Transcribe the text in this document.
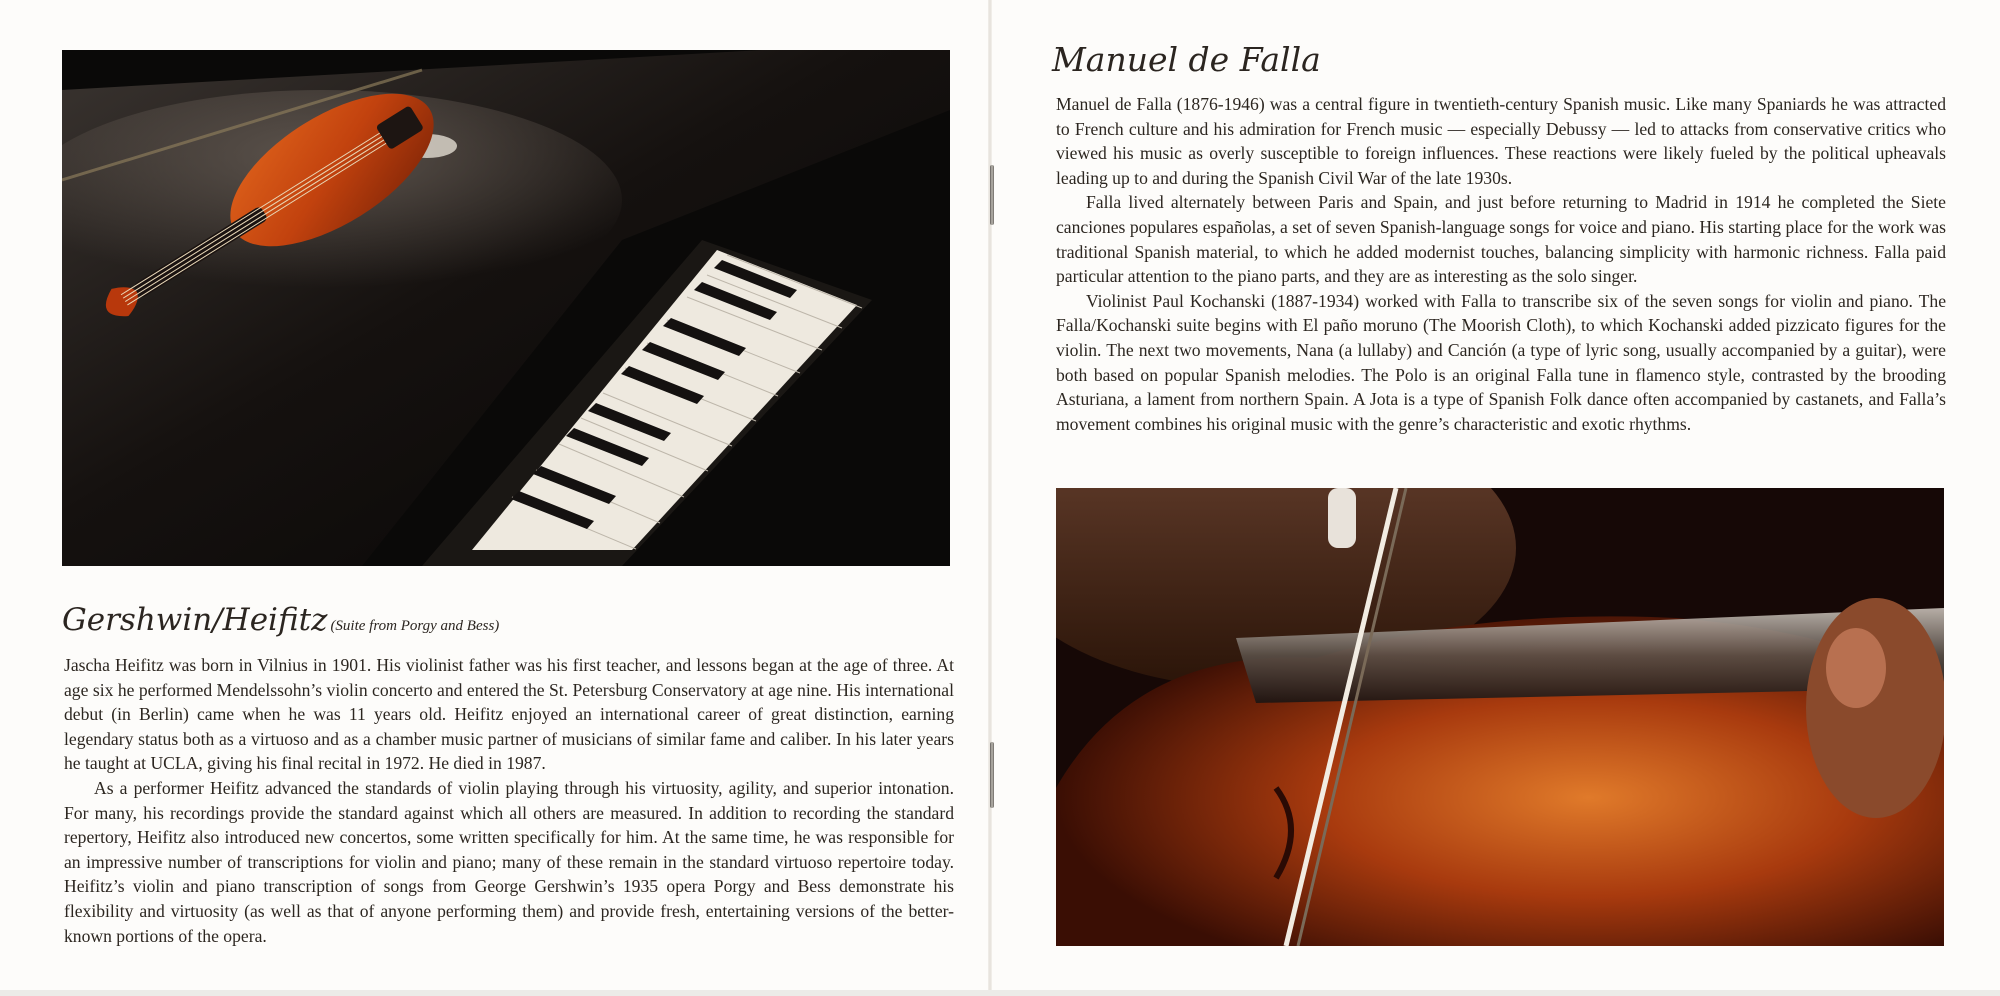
Manuel de Falla

Manuel de Falla (1876-1946) was a central figure in twentieth-century Spanish music. Like many Spaniards he was attracted to French culture and his admiration for French music — especially Debussy — led to attacks from conservative critics who viewed his music as overly susceptible to foreign influences. These reactions were likely fueled by the political upheavals leading up to and during the Spanish Civil War of the late 1930s.

Falla lived alternately between Paris and Spain, and just before returning to Madrid in 1914 he completed the Siete canciones populares españolas, a set of seven Spanish-language songs for voice and piano. His starting place for the work was traditional Spanish material, to which he added modernist touches, balancing simplicity with harmonic richness. Falla paid particular attention to the piano parts, and they are as interesting as the solo singer.

Violinist Paul Kochanski (1887-1934) worked with Falla to transcribe six of the seven songs for violin and piano. The Falla/Kochanski suite begins with El paño moruno (The Moorish Cloth), to which Kochanski added pizzicato figures for the violin. The next two movements, Nana (a lullaby) and Canción (a type of lyric song, usually accompanied by a guitar), were both based on popular Spanish melodies. The Polo is an original Falla tune in flamenco style, contrasted by the brooding Asturiana, a lament from northern Spain. A Jota is a type of Spanish Folk dance often accompanied by castanets, and Falla’s movement combines his original music with the genre’s characteristic and exotic rhythms.

Gershwin/Heifitz (Suite from Porgy and Bess)

Jascha Heifitz was born in Vilnius in 1901. His violinist father was his first teacher, and lessons began at the age of three. At age six he performed Mendelssohn’s violin concerto and entered the St. Petersburg Conservatory at age nine. His international debut (in Berlin) came when he was 11 years old. Heifitz enjoyed an international career of great distinction, earning legendary status both as a virtuoso and as a chamber music partner of musicians of similar fame and caliber. In his later years he taught at UCLA, giving his final recital in 1972. He died in 1987.

As a performer Heifitz advanced the standards of violin playing through his virtuosity, agility, and superior intonation. For many, his recordings provide the standard against which all others are measured. In addition to recording the standard repertory, Heifitz also introduced new concertos, some written specifically for him. At the same time, he was responsible for an impressive number of transcriptions for violin and piano; many of these remain in the standard virtuoso repertoire today. Heifitz’s violin and piano transcription of songs from George Gershwin’s 1935 opera Porgy and Bess demonstrate his flexibility and virtuosity (as well as that of anyone performing them) and provide fresh, entertaining versions of the better-known portions of the opera.
